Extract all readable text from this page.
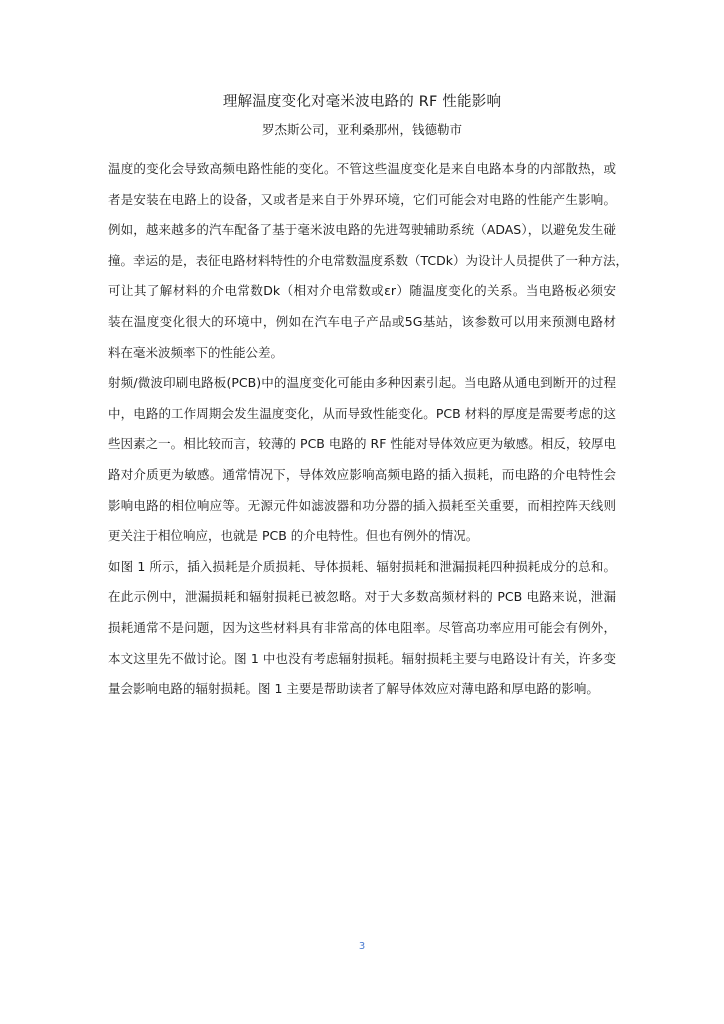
理解温度变化对毫米波电路的 RF 性能影响
罗杰斯公司，亚利桑那州，钱德勒市
温度的变化会导致高频电路性能的变化。不管这些温度变化是来自电路本身的内部散热，或
者是安装在电路上的设备，又或者是来自于外界环境，它们可能会对电路的性能产生影响。
例如，越来越多的汽车配备了基于毫米波电路的先进驾驶辅助系统（ADAS），以避免发生碰
撞。幸运的是，表征电路材料特性的介电常数温度系数（TCDk）为设计人员提供了一种方法，
可让其了解材料的介电常数Dk（相对介电常数或εr）随温度变化的关系。当电路板必须安
装在温度变化很大的环境中，例如在汽车电子产品或5G基站，该参数可以用来预测电路材
料在毫米波频率下的性能公差。
射频/微波印刷电路板(PCB)中的温度变化可能由多种因素引起。当电路从通电到断开的过程
中，电路的工作周期会发生温度变化，从而导致性能变化。PCB 材料的厚度是需要考虑的这
些因素之一。相比较而言，较薄的 PCB 电路的 RF 性能对导体效应更为敏感。相反，较厚电
路对介质更为敏感。通常情况下，导体效应影响高频电路的插入损耗，而电路的介电特性会
影响电路的相位响应等。无源元件如滤波器和功分器的插入损耗至关重要，而相控阵天线则
更关注于相位响应，也就是 PCB 的介电特性。但也有例外的情况。
如图 1 所示，插入损耗是介质损耗、导体损耗、辐射损耗和泄漏损耗四种损耗成分的总和。
在此示例中，泄漏损耗和辐射损耗已被忽略。对于大多数高频材料的 PCB 电路来说，泄漏
损耗通常不是问题，因为这些材料具有非常高的体电阻率。尽管高功率应用可能会有例外，
本文这里先不做讨论。图 1 中也没有考虑辐射损耗。辐射损耗主要与电路设计有关，许多变
量会影响电路的辐射损耗。图 1 主要是帮助读者了解导体效应对薄电路和厚电路的影响。
3
